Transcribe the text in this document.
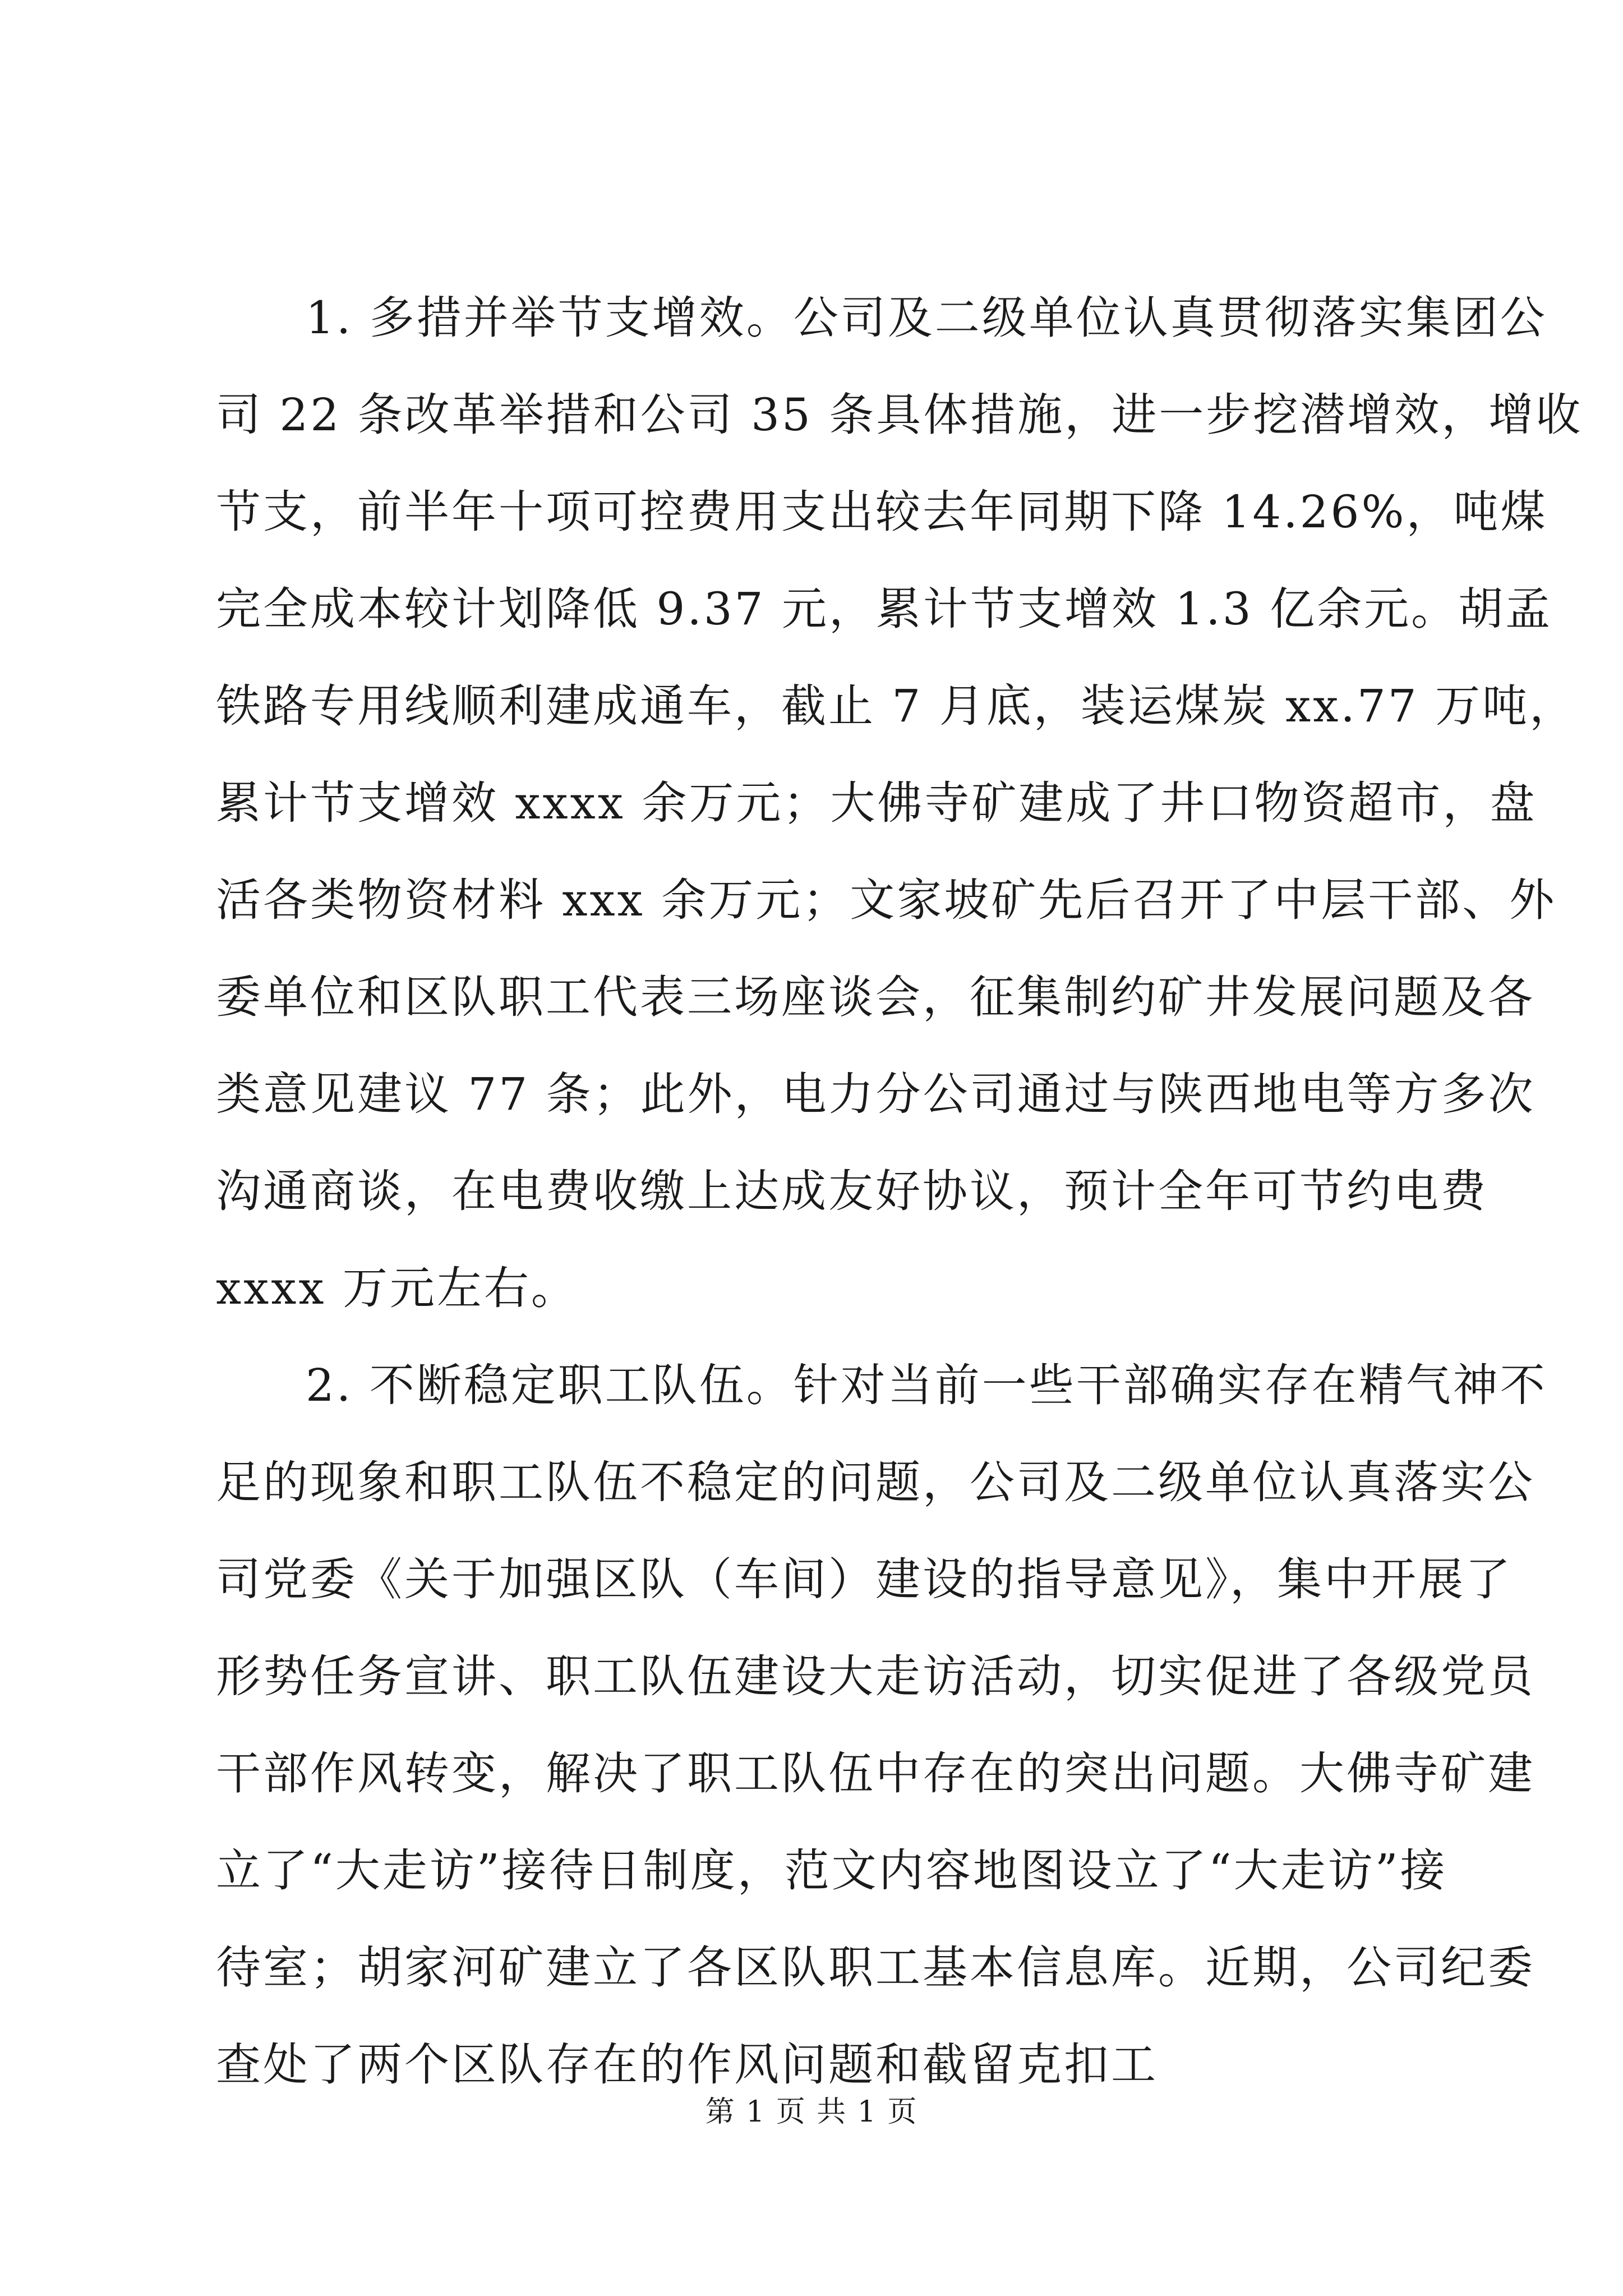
1. 多措并举节支增效。公司及二级单位认真贯彻落实集团公
司 22 条改革举措和公司 35 条具体措施，进一步挖潜增效，增收
节支，前半年十项可控费用支出较去年同期下降 14.26%，吨煤
完全成本较计划降低 9.37 元，累计节支增效 1.3 亿余元。胡孟
铁路专用线顺利建成通车，截止 7 月底，装运煤炭 xx.77 万吨，
累计节支增效 xxxx 余万元；大佛寺矿建成了井口物资超市，盘
活各类物资材料 xxx 余万元；文家坡矿先后召开了中层干部、外
委单位和区队职工代表三场座谈会，征集制约矿井发展问题及各
类意见建议 77 条；此外，电力分公司通过与陕西地电等方多次
沟通商谈，在电费收缴上达成友好协议，预计全年可节约电费
xxxx 万元左右。
2. 不断稳定职工队伍。针对当前一些干部确实存在精气神不
足的现象和职工队伍不稳定的问题，公司及二级单位认真落实公
司党委《关于加强区队（车间）建设的指导意见》，集中开展了
形势任务宣讲、职工队伍建设大走访活动，切实促进了各级党员
干部作风转变，解决了职工队伍中存在的突出问题。大佛寺矿建
立了“大走访”接待日制度，范文内容地图设立了“大走访”接
待室；胡家河矿建立了各区队职工基本信息库。近期，公司纪委
查处了两个区队存在的作风问题和截留克扣工
第 1 页 共 1 页
